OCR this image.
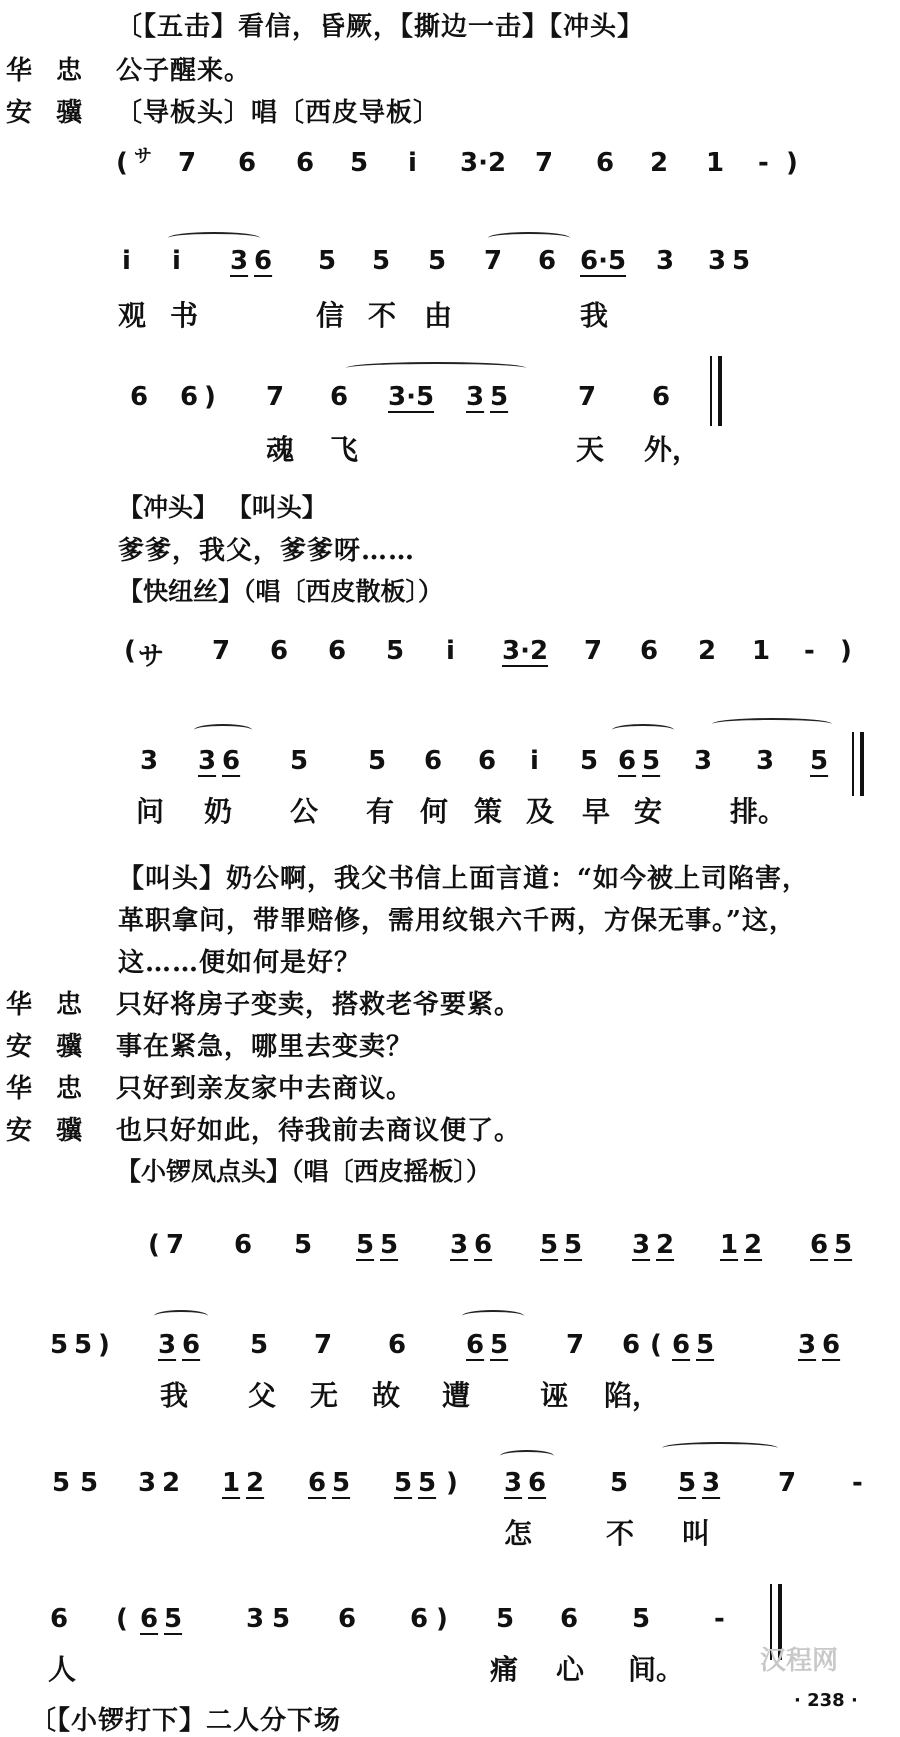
〔【五击】看信，昏厥，【撕边一击】【冲头】
华忠 公子醒来。
安骥 〔导板头〕唱〔西皮导板〕
( サ 7 6 6 5 i 3·2 7 6 2 1 - )
i i 3 6 5 5 5 7 6 6·5 3 3 5
观 书	信 不 由	我
6 6 ) 7 6 3·5 3 5	7 6
魂 飞	天 外，
【冲头】 【叫头】
爹爹，我父，爹爹呀……
【快纽丝】（唱〔西皮散板〕）
( サ 7 6 6 5 i 3·2 7 6 2 1 - )
3 3 6 5 5 6 6 i 5 6 5 3 3 5
问 奶 公 有 何 策 及 早 安 排。
【叫头】奶公啊，我父书信上面言道：“如今被上司陷害，
革职拿问，带罪赔修，需用纹银六千两，方保无事。”这，
这……便如何是好？
华忠 只好将房子变卖，搭救老爷要紧。
安骥 事在紧急，哪里去变卖？
华忠 只好到亲友家中去商议。
安骥 也只好如此，待我前去商议便了。
【小锣凤点头】（唱〔西皮摇板〕）
( 7 6 5 5 5 3 6 5 5 3 2 1 2 6 5
5 5 ) 3 6 5 7 6 6 5 7 6 ( 6 5	3 6
我 父 无 故 遭 诬 陷，
5 5 3 2 1 2 6 5 5 5 ) 3 6 5 5 3 7 -
怎	不 叫
6 ( 6 5 3 5 6 6 ) 5 6 5 -
人	痛 心 间。	汉程网
· 238 ·
〔【小锣打下】二人分下场
